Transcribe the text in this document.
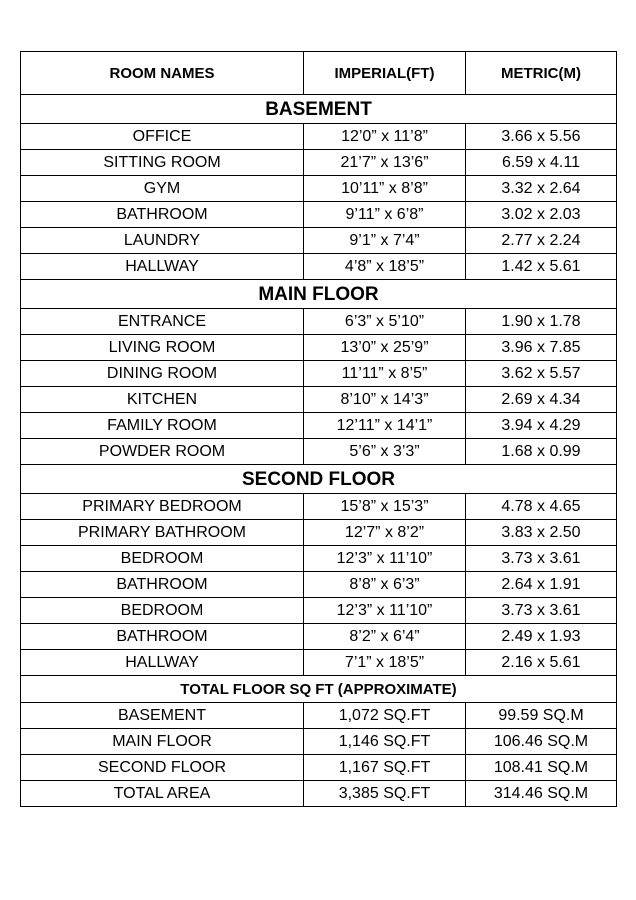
ROOM NAMES	IMPERIAL(FT)	METRIC(M)
BASEMENT		
OFFICE	12’0” x 11’8”	3.66 x 5.56
SITTING ROOM	21’7” x 13’6”	6.59 x 4.11
GYM	10’11” x 8’8”	3.32 x 2.64
BATHROOM	9’11” x 6’8”	3.02 x 2.03
LAUNDRY	9’1” x 7’4”	2.77 x 2.24
HALLWAY	4’8” x 18’5”	1.42 x 5.61
MAIN FLOOR		
ENTRANCE	6’3” x 5’10”	1.90 x 1.78
LIVING ROOM	13’0” x 25’9”	3.96 x 7.85
DINING ROOM	11’11” x 8’5”	3.62 x 5.57
KITCHEN	8’10” x 14’3”	2.69 x 4.34
FAMILY ROOM	12’11” x 14’1”	3.94 x 4.29
POWDER ROOM	5’6” x 3’3”	1.68 x 0.99
SECOND FLOOR		
PRIMARY BEDROOM	15’8” x 15’3”	4.78 x 4.65
PRIMARY BATHROOM	12’7” x 8’2”	3.83 x 2.50
BEDROOM	12’3” x 11’10”	3.73 x 3.61
BATHROOM	8’8” x 6’3”	2.64 x 1.91
BEDROOM	12’3” x 11’10”	3.73 x 3.61
BATHROOM	8’2” x 6’4”	2.49 x 1.93
HALLWAY	7’1” x 18’5”	2.16 x 5.61
TOTAL FLOOR SQ FT (APPROXIMATE)		
BASEMENT	1,072 SQ.FT	99.59 SQ.M
MAIN FLOOR	1,146 SQ.FT	106.46 SQ.M
SECOND FLOOR	1,167 SQ.FT	108.41 SQ.M
TOTAL AREA	3,385 SQ.FT	314.46 SQ.M
